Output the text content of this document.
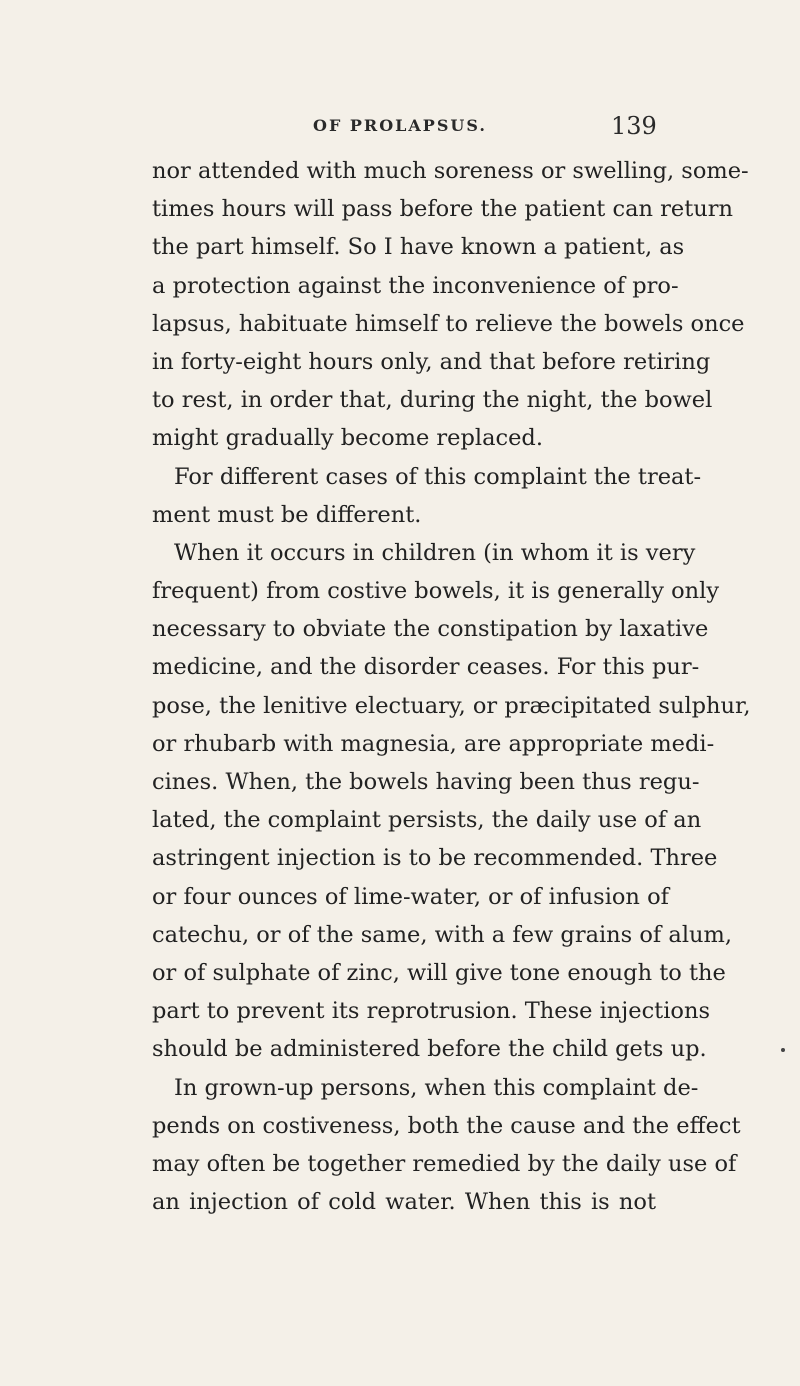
OF PROLAPSUS.	139
nor attended with much soreness or swelling, some-
times hours will pass before the patient can return
the part himself. So I have known a patient, as
a protection against the inconvenience of pro-
lapsus, habituate himself to relieve the bowels once
in forty-eight hours only, and that before retiring
to rest, in order that, during the night, the bowel
might gradually become replaced.
For different cases of this complaint the treat-
ment must be different.
When it occurs in children (in whom it is very
frequent) from costive bowels, it is generally only
necessary to obviate the constipation by laxative
medicine, and the disorder ceases. For this pur-
pose, the lenitive electuary, or præcipitated sulphur,
or rhubarb with magnesia, are appropriate medi-
cines. When, the bowels having been thus regu-
lated, the complaint persists, the daily use of an
astringent injection is to be recommended. Three
or four ounces of lime-water, or of infusion of
catechu, or of the same, with a few grains of alum,
or of sulphate of zinc, will give tone enough to the
part to prevent its reprotrusion. These injections
should be administered before the child gets up.
In grown-up persons, when this complaint de-
pends on costiveness, both the cause and the effect
may often be together remedied by the daily use of
an injection of cold water. When this is not
